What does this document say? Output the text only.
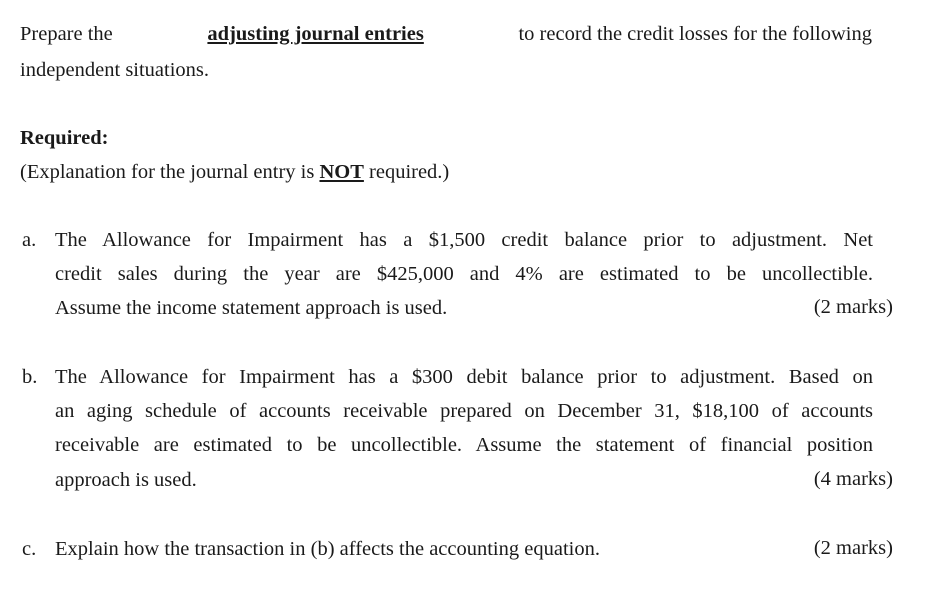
Prepare the	adjusting journal entries	to record the credit losses for the following
independent situations.
Required:
(Explanation for the journal entry is NOT required.)
a. The Allowance for Impairment has a $1,500 credit balance prior to adjustment. Net
credit sales during the year are $425,000 and 4% are estimated to be uncollectible.
Assume the income statement approach is used.	(2 marks)
b. The Allowance for Impairment has a $300 debit balance prior to adjustment. Based on
an aging schedule of accounts receivable prepared on December 31, $18,100 of accounts
receivable are estimated to be uncollectible. Assume the statement of financial position
approach is used.	(4 marks)
c. Explain how the transaction in (b) affects the accounting equation.	(2 marks)
